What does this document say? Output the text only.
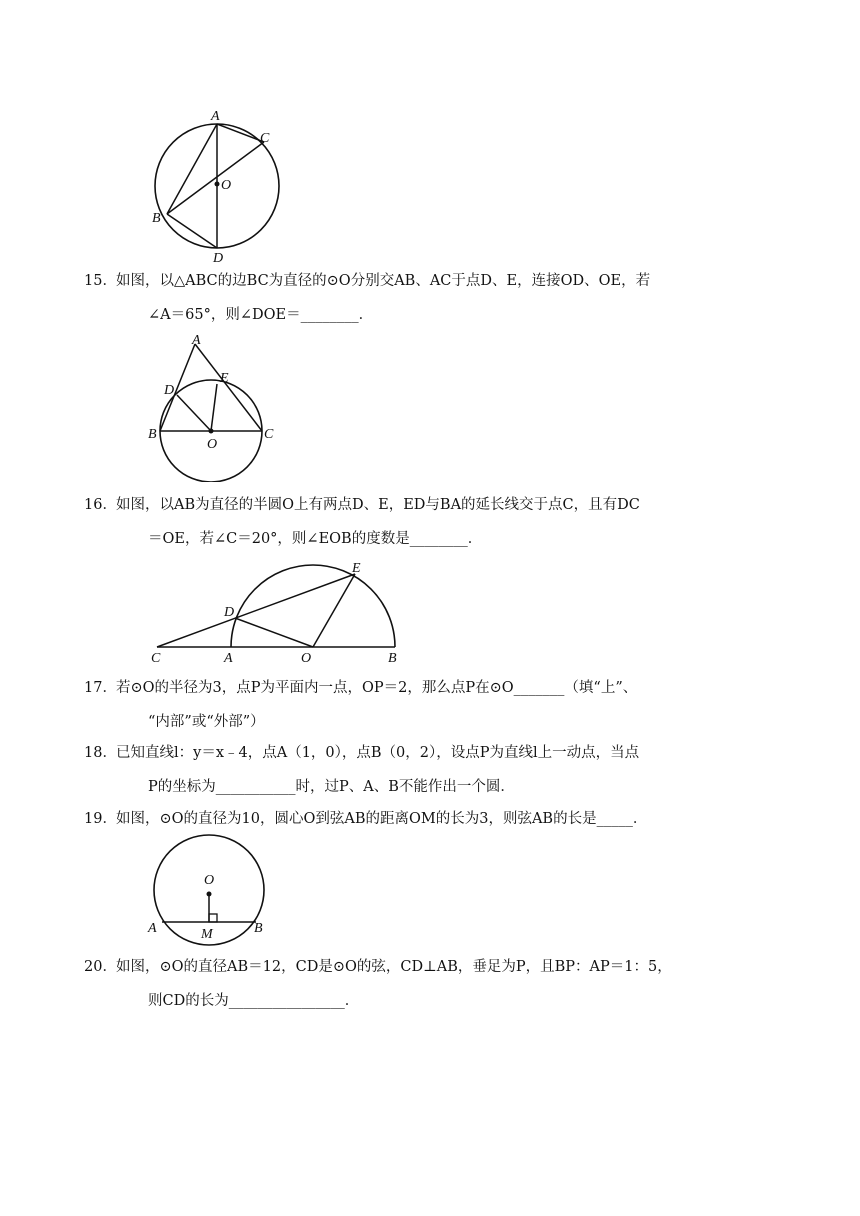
A
C
O
B
D

15．如图，以△ABC的边BC为直径的⊙O分别交AB、AC于点D、E，连接OD、OE，若

∠A＝65°，则∠DOE＝________．

A
D
E
B
O
C

16．如图，以AB为直径的半圆O上有两点D、E，ED与BA的延长线交于点C，且有DC

＝OE，若∠C＝20°，则∠EOB的度数是________．

E
D
C	A	O	B

17．若⊙O的半径为3，点P为平面内一点，OP＝2，那么点P在⊙O_______（填“上”、

“内部”或“外部”）

18．已知直线l：y＝x﹣4，点A（1，0），点B（0，2），设点P为直线l上一动点，当点

P的坐标为___________时，过P、A、B不能作出一个圆．

19．如图，⊙O的直径为10，圆心O到弦AB的距离OM的长为3，则弦AB的长是_____．

O
A	M	B

20．如图，⊙O的直径AB＝12，CD是⊙O的弦，CD⊥AB，垂足为P，且BP：AP＝1：5，

则CD的长为________________．
